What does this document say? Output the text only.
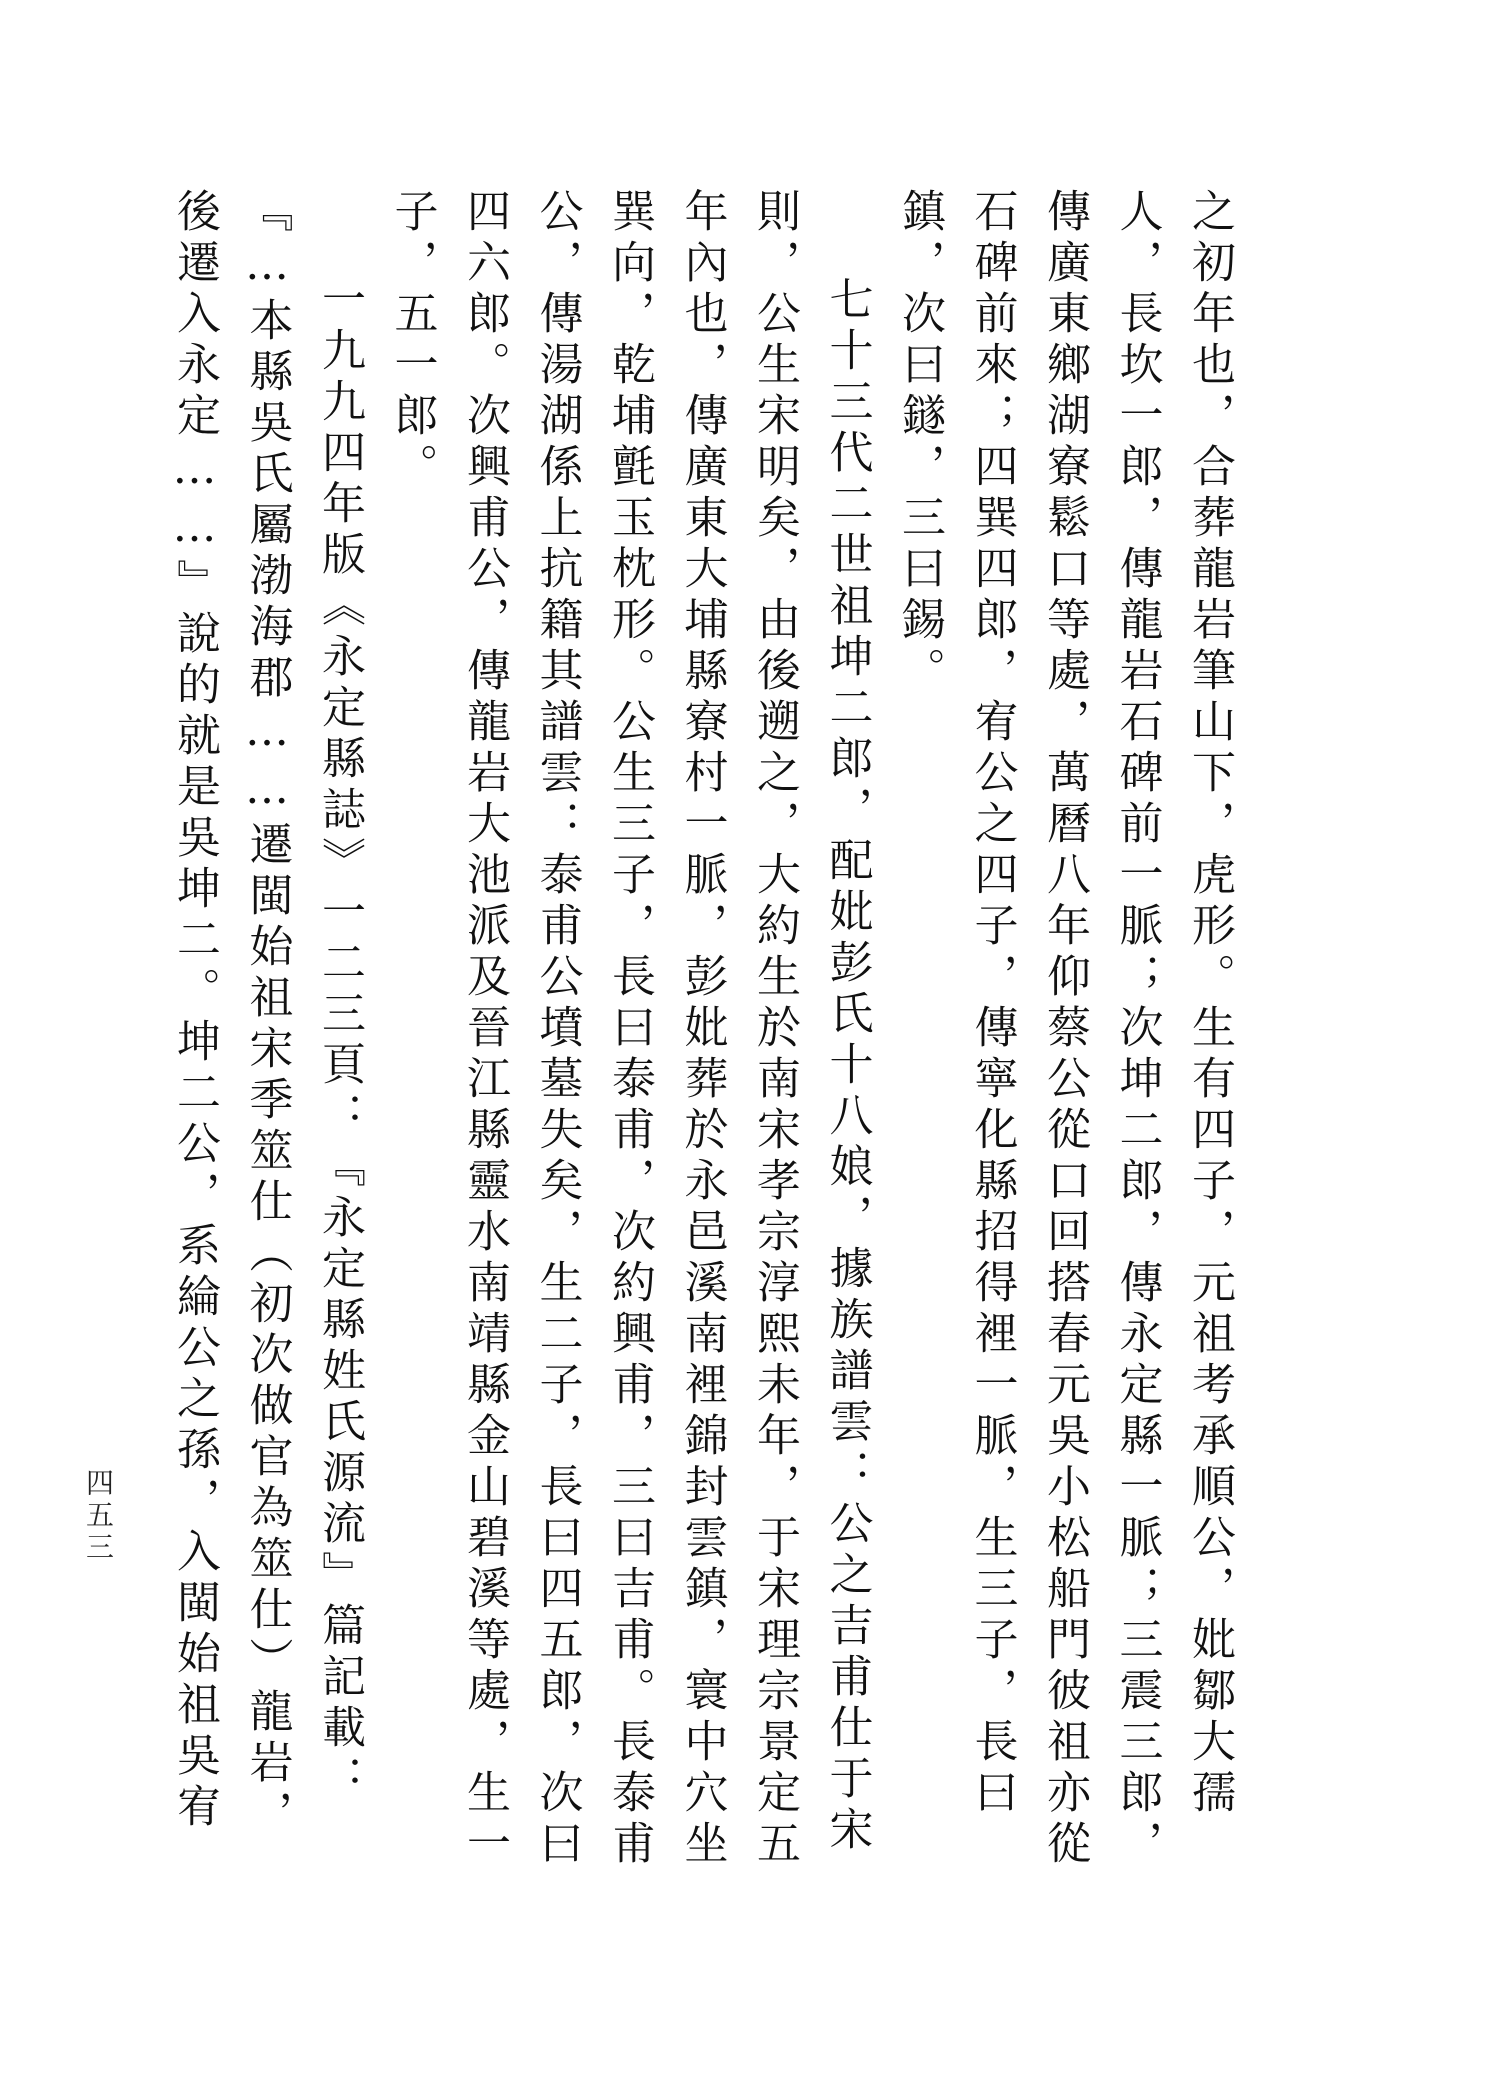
之初年也，合葬龍岩筆山下，虎形。生有四子，元祖考承順公，妣鄒大孺人，長坎一郎，傳龍岩石碑前一脈；次坤二郎，傳永定縣一脈；三震三郎，傳廣東鄉湖寮鬆口等處，萬曆八年仰蔡公從口回搭春元吳小松船門彼祖亦從石碑前來；四巽四郎，宥公之四子，傳寧化縣招得裡一脈，生三子，長曰鎮，次曰鐩，三曰錫。

七十三代二世祖坤二郎，配妣彭氏十八娘，據族譜雲：公之吉甫仕于宋則，公生宋明矣，由後遡之，大約生於南宋孝宗淳熙未年，于宋理宗景定五年內也，傳廣東大埔縣寮村一脈，彭妣葬於永邑溪南裡錦封雲鎮，寰中穴坐巽向，乾埔氈玉枕形。公生三子，長曰泰甫，次約興甫，三曰吉甫。長泰甫公，傳湯湖係上抗籍其譜雲：泰甫公墳墓失矣，生二子，長曰四五郎，次曰四六郎。次興甫公，傳龍岩大池派及晉江縣靈水南靖縣金山碧溪等處，生一子，五一郎。

一九九四年版《永定縣誌》一二三頁：『永定縣姓氏源流』篇記載：『…本縣吳氏屬渤海郡……遷閩始祖宋季筮仕（初次做官為筮仕）龍岩，後遷入永定……』說的就是吳坤二。坤二公，系綸公之孫，入閩始祖吳宥

四五三
